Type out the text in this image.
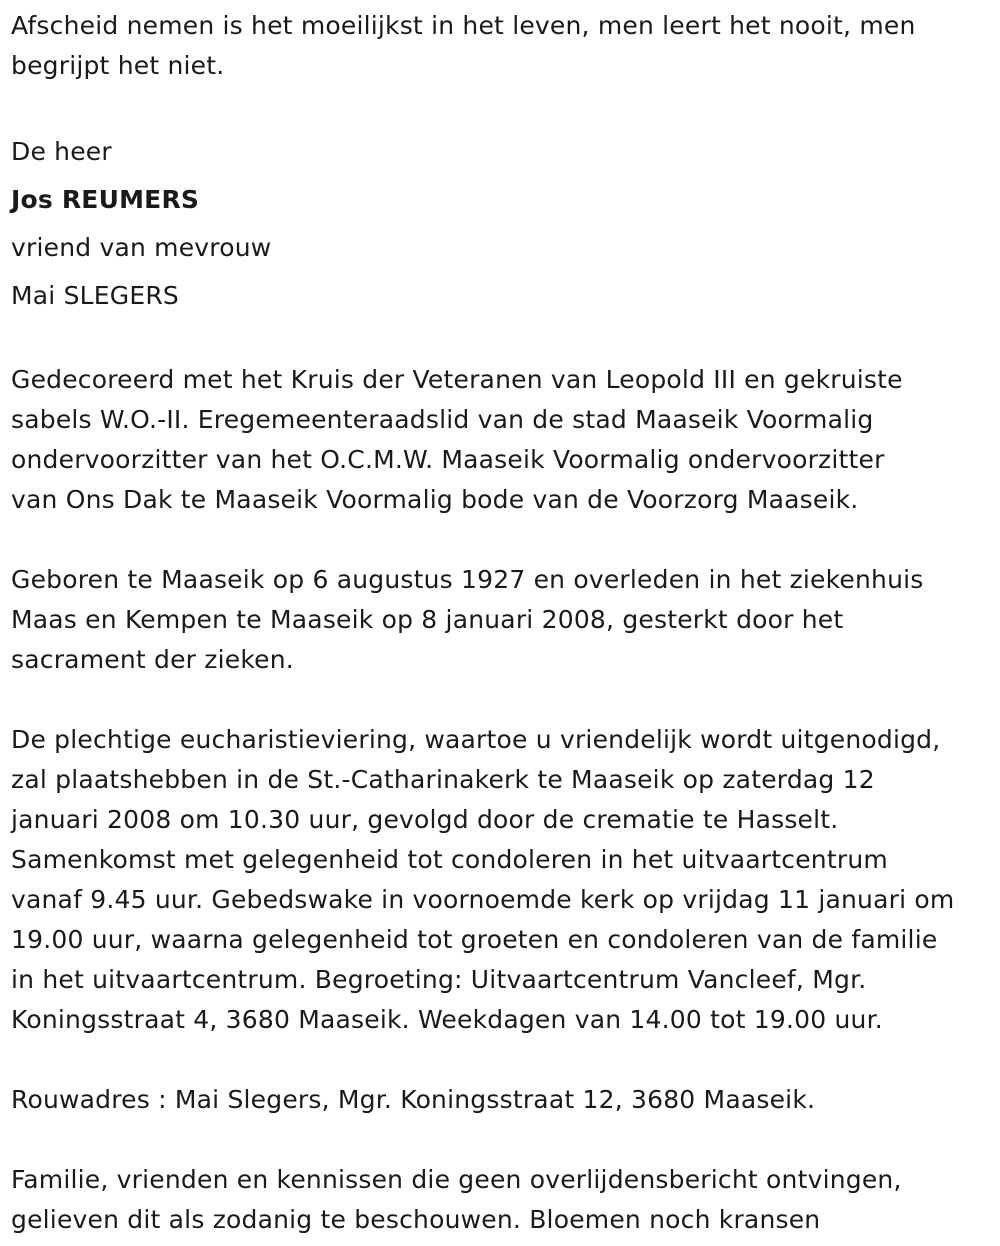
Afscheid nemen is het moeilijkst in het leven, men leert het nooit, men
begrijpt het niet.

De heer
Jos REUMERS
vriend van mevrouw
Mai SLEGERS

Gedecoreerd met het Kruis der Veteranen van Leopold III en gekruiste
sabels W.O.-II. Eregemeenteraadslid van de stad Maaseik Voormalig
ondervoorzitter van het O.C.M.W. Maaseik Voormalig ondervoorzitter
van Ons Dak te Maaseik Voormalig bode van de Voorzorg Maaseik.

Geboren te Maaseik op 6 augustus 1927 en overleden in het ziekenhuis
Maas en Kempen te Maaseik op 8 januari 2008, gesterkt door het
sacrament der zieken.

De plechtige eucharistieviering, waartoe u vriendelijk wordt uitgenodigd,
zal plaatshebben in de St.-Catharinakerk te Maaseik op zaterdag 12
januari 2008 om 10.30 uur, gevolgd door de crematie te Hasselt.
Samenkomst met gelegenheid tot condoleren in het uitvaartcentrum
vanaf 9.45 uur. Gebedswake in voornoemde kerk op vrijdag 11 januari om
19.00 uur, waarna gelegenheid tot groeten en condoleren van de familie
in het uitvaartcentrum. Begroeting: Uitvaartcentrum Vancleef, Mgr.
Koningsstraat 4, 3680 Maaseik. Weekdagen van 14.00 tot 19.00 uur.

Rouwadres : Mai Slegers, Mgr. Koningsstraat 12, 3680 Maaseik.

Familie, vrienden en kennissen die geen overlijdensbericht ontvingen,
gelieven dit als zodanig te beschouwen. Bloemen noch kransen
